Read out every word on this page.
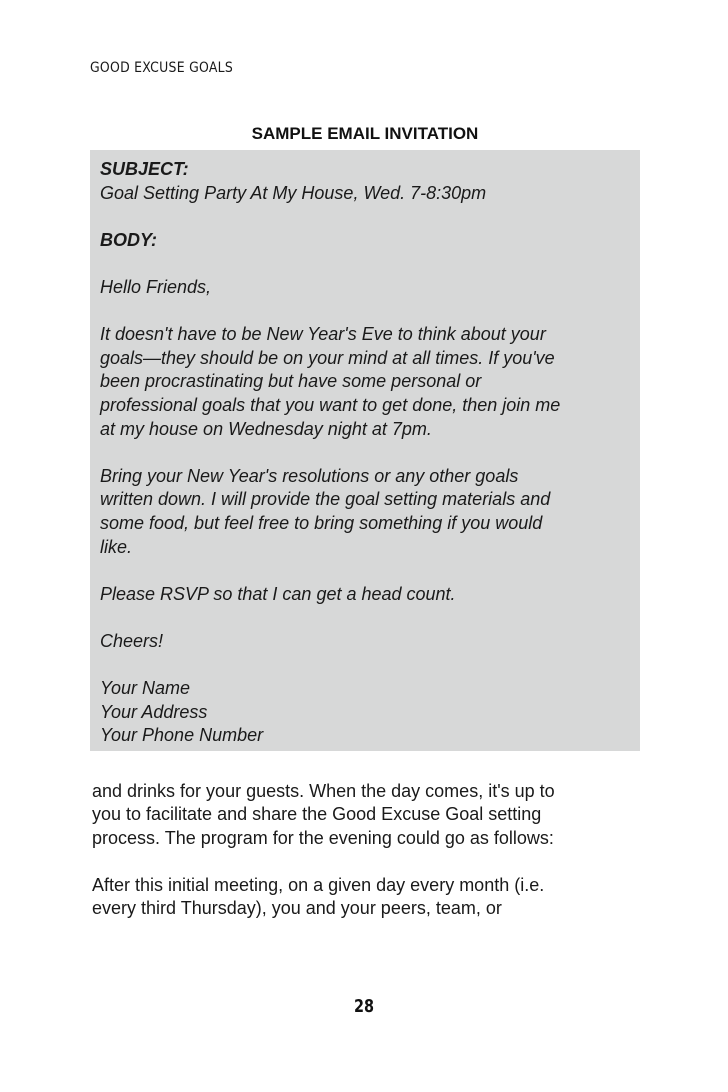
GOOD EXCUSE GOALS
SAMPLE EMAIL INVITATION

SUBJECT:

Goal Setting Party At My House, Wed. 7-8:30pm

BODY:

Hello Friends,

It doesn't have to be New Year's Eve to think about your

goals—they should be on your mind at all times. If you've

been procrastinating but have some personal or

professional goals that you want to get done, then join me

at my house on Wednesday night at 7pm.

Bring your New Year's resolutions or any other goals

written down. I will provide the goal setting materials and

some food, but feel free to bring something if you would

like.

Please RSVP so that I can get a head count.

Cheers!

Your Name

Your Address

Your Phone Number

and drinks for your guests. When the day comes, it's up to

you to facilitate and share the Good Excuse Goal setting

process. The program for the evening could go as follows:

After this initial meeting, on a given day every month (i.e.

every third Thursday), you and your peers, team, or

28
